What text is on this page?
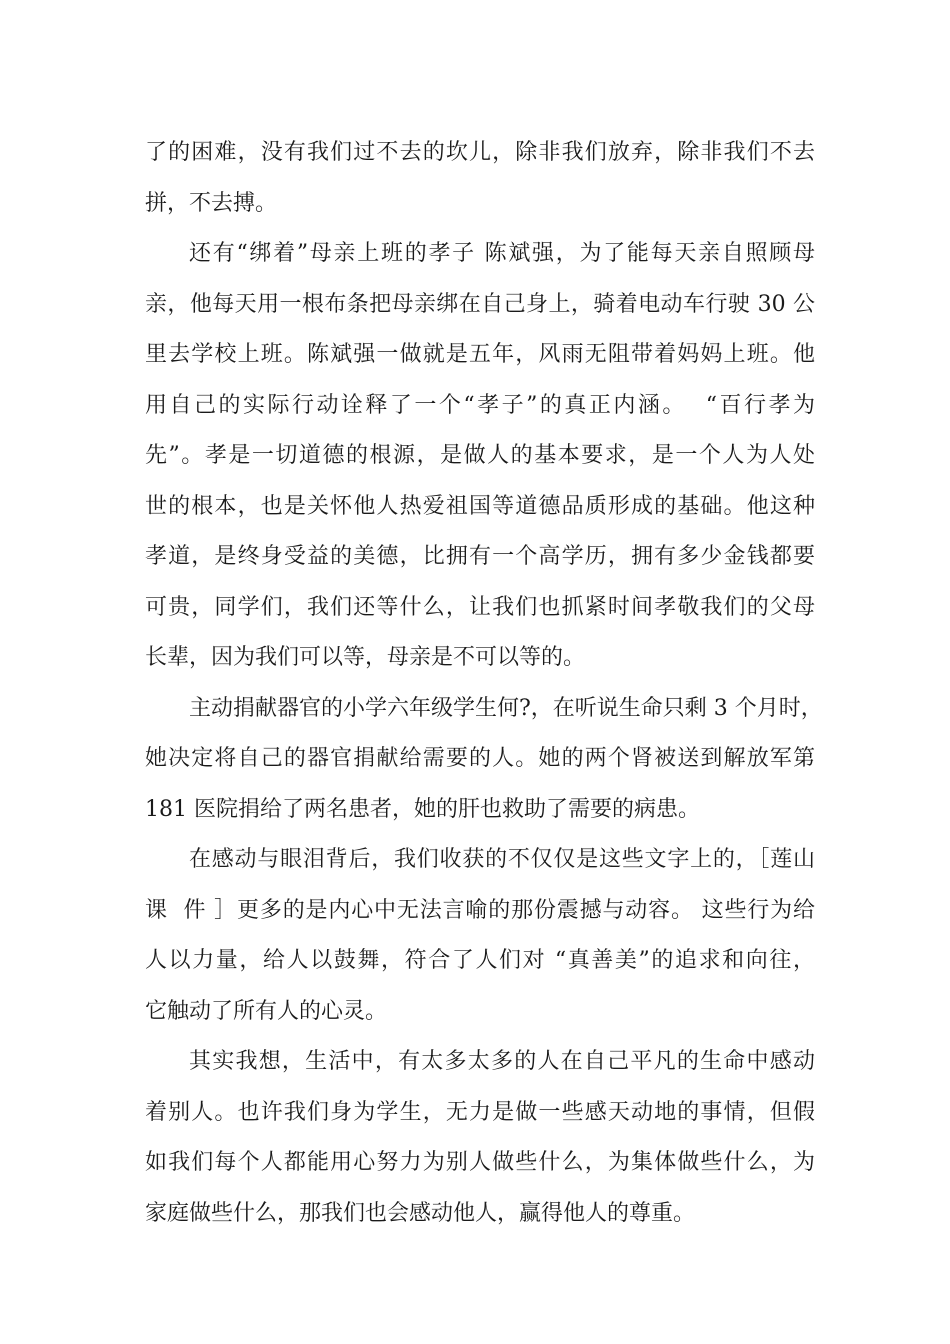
了的困难，没有我们过不去的坎儿，除非我们放弃，除非我们不去
拼，不去搏。
还有“绑着”母亲上班的孝子 陈斌强，为了能每天亲自照顾母
亲，他每天用一根布条把母亲绑在自己身上，骑着电动车行驶 30 公
里去学校上班。陈斌强一做就是五年，风雨无阻带着妈妈上班。他
用自己的实际行动诠释了一个“孝子”的真正内涵。  “百行孝为
先”。孝是一切道德的根源，是做人的基本要求，是一个人为人处
世的根本，也是关怀他人热爱祖国等道德品质形成的基础。他这种
孝道，是终身受益的美德，比拥有一个高学历，拥有多少金钱都要
可贵，同学们，我们还等什么，让我们也抓紧时间孝敬我们的父母
长辈，因为我们可以等，母亲是不可以等的。
主动捐献器官的小学六年级学生何?，在听说生命只剩 3 个月时，
她决定将自己的器官捐献给需要的人。她的两个肾被送到解放军第
181 医院捐给了两名患者，她的肝也救助了需要的病患。
在感动与眼泪背后，我们收获的不仅仅是这些文字上的，［莲山
课  件 ］更多的是内心中无法言喻的那份震撼与动容。 这些行为给
人以力量，给人以鼓舞，符合了人们对 “真善美”的追求和向往，
它触动了所有人的心灵。
其实我想，生活中，有太多太多的人在自己平凡的生命中感动
着别人。也许我们身为学生，无力是做一些感天动地的事情，但假
如我们每个人都能用心努力为别人做些什么，为集体做些什么，为
家庭做些什么，那我们也会感动他人，赢得他人的尊重。
